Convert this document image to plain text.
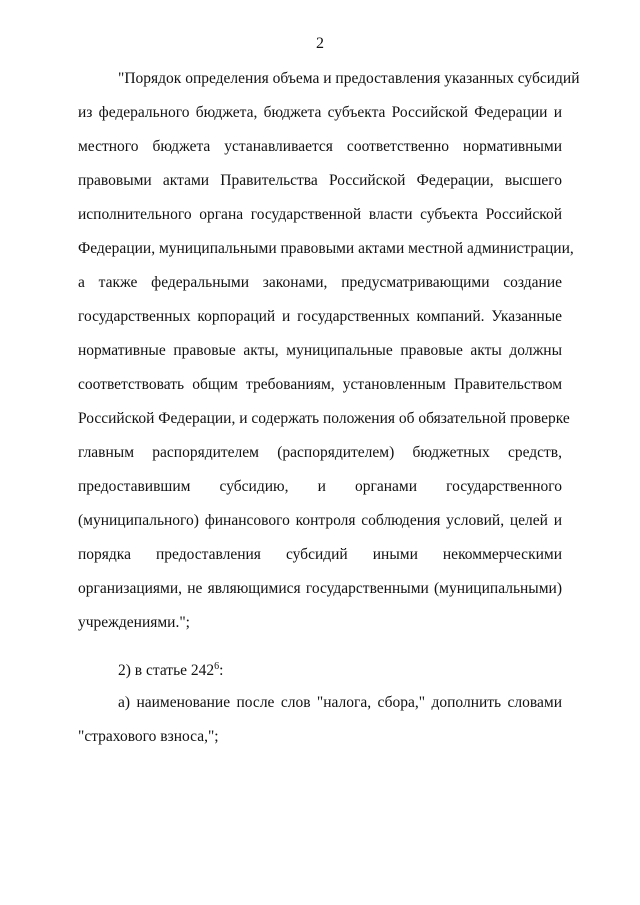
2
"Порядок определения объема и предоставления указанных субсидий
из федерального бюджета, бюджета субъекта Российской Федерации и
местного бюджета устанавливается соответственно нормативными
правовыми актами Правительства Российской Федерации, высшего
исполнительного органа государственной власти субъекта Российской
Федерации, муниципальными правовыми актами местной администрации,
а также федеральными законами, предусматривающими создание
государственных корпораций и государственных компаний. Указанные
нормативные правовые акты, муниципальные правовые акты должны
соответствовать общим требованиям, установленным Правительством
Российской Федерации, и содержать положения об обязательной проверке
главным распорядителем (распорядителем) бюджетных средств,
предоставившим субсидию, и органами государственного
(муниципального) финансового контроля соблюдения условий, целей и
порядка предоставления субсидий иными некоммерческими
организациями, не являющимися государственными (муниципальными)
учреждениями.";
2) в статье $242^6$:
а) наименование после слов "налога, сбора," дополнить словами
"страхового взноса,";
